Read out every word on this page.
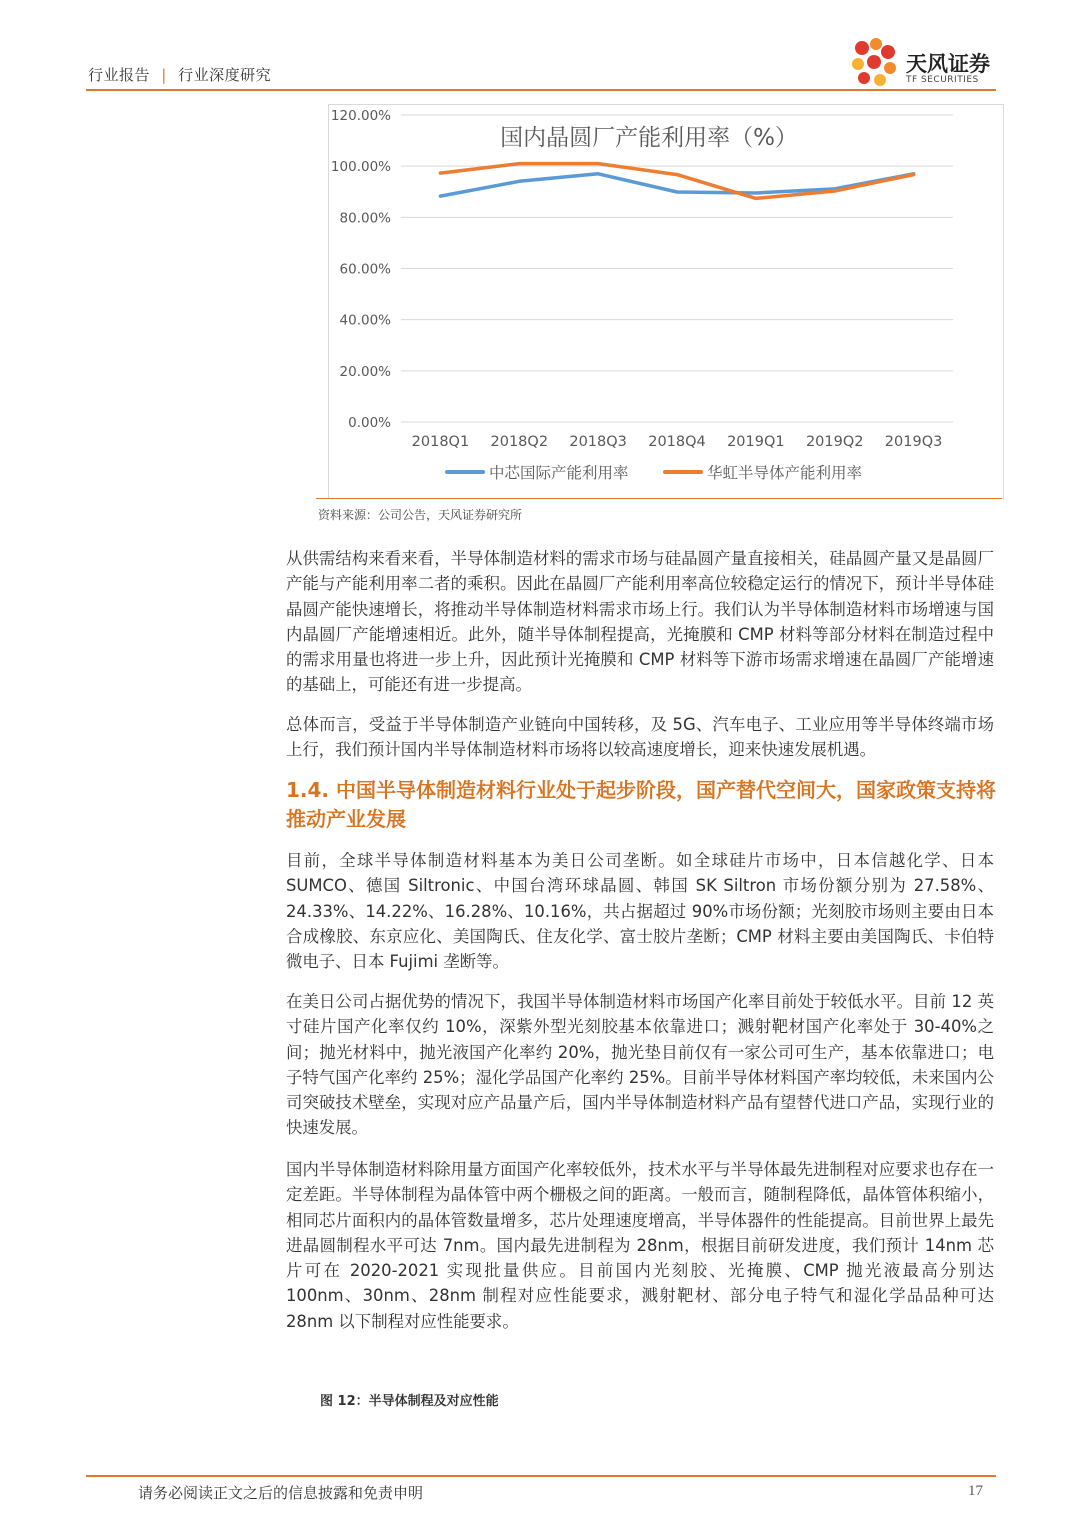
行业报告 | 行业深度研究	天风证券
TF SECURITIES
国内晶圆厂产能利用率（%）
0.00%
20.00%
40.00%
60.00%
80.00%
100.00%
120.00%
2018Q1 2018Q2 2018Q3 2018Q4 2019Q1 2019Q2 2019Q3
中芯国际产能利用率	华虹半导体产能利用率
资料来源：公司公告，天风证券研究所

从供需结构来看来看，半导体制造材料的需求市场与硅晶圆产量直接相关，硅晶圆产量又是晶圆厂产能与产能利用率二者的乘积。因此在晶圆厂产能利用率高位较稳定运行的情况下，预计半导体硅晶圆产能快速增长，将推动半导体制造材料需求市场上行。我们认为半导体制造材料市场增速与国内晶圆厂产能增速相近。此外，随半导体制程提高，光掩膜和 CMP 材料等部分材料在制造过程中的需求用量也将进一步上升，因此预计光掩膜和 CMP 材料等下游市场需求增速在晶圆厂产能增速的基础上，可能还有进一步提高。

总体而言，受益于半导体制造产业链向中国转移，及 5G、汽车电子、工业应用等半导体终端市场上行，我们预计国内半导体制造材料市场将以较高速度增长，迎来快速发展机遇。

1.4. 中国半导体制造材料行业处于起步阶段，国产替代空间大，国家政策支持将推动产业发展

目前，全球半导体制造材料基本为美日公司垄断。如全球硅片市场中，日本信越化学、日本 SUMCO、德国 Siltronic、中国台湾环球晶圆、韩国 SK Siltron 市场份额分别为 27.58%、24.33%、14.22%、16.28%、10.16%，共占据超过 90%市场份额；光刻胶市场则主要由日本合成橡胶、东京应化、美国陶氏、住友化学、富士胶片垄断；CMP 材料主要由美国陶氏、卡伯特微电子、日本 Fujimi 垄断等。

在美日公司占据优势的情况下，我国半导体制造材料市场国产化率目前处于较低水平。目前 12 英寸硅片国产化率仅约 10%，深紫外型光刻胶基本依靠进口；溅射靶材国产化率处于 30-40%之间；抛光材料中，抛光液国产化率约 20%，抛光垫目前仅有一家公司可生产，基本依靠进口；电子特气国产化率约 25%；湿化学品国产化率约 25%。目前半导体材料国产率均较低，未来国内公司突破技术壁垒，实现对应产品量产后，国内半导体制造材料产品有望替代进口产品，实现行业的快速发展。

国内半导体制造材料除用量方面国产化率较低外，技术水平与半导体最先进制程对应要求也存在一定差距。半导体制程为晶体管中两个栅极之间的距离。一般而言，随制程降低，晶体管体积缩小，相同芯片面积内的晶体管数量增多，芯片处理速度增高，半导体器件的性能提高。目前世界上最先进晶圆制程水平可达 7nm。国内最先进制程为 28nm，根据目前研发进度，我们预计 14nm 芯片可在 2020-2021 实现批量供应。目前国内光刻胶、光掩膜、CMP 抛光液最高分别达 100nm、30nm、28nm 制程对应性能要求，溅射靶材、部分电子特气和湿化学品品种可达 28nm 以下制程对应性能要求。

图 12：半导体制程及对应性能
请务必阅读正文之后的信息披露和免责申明	17
